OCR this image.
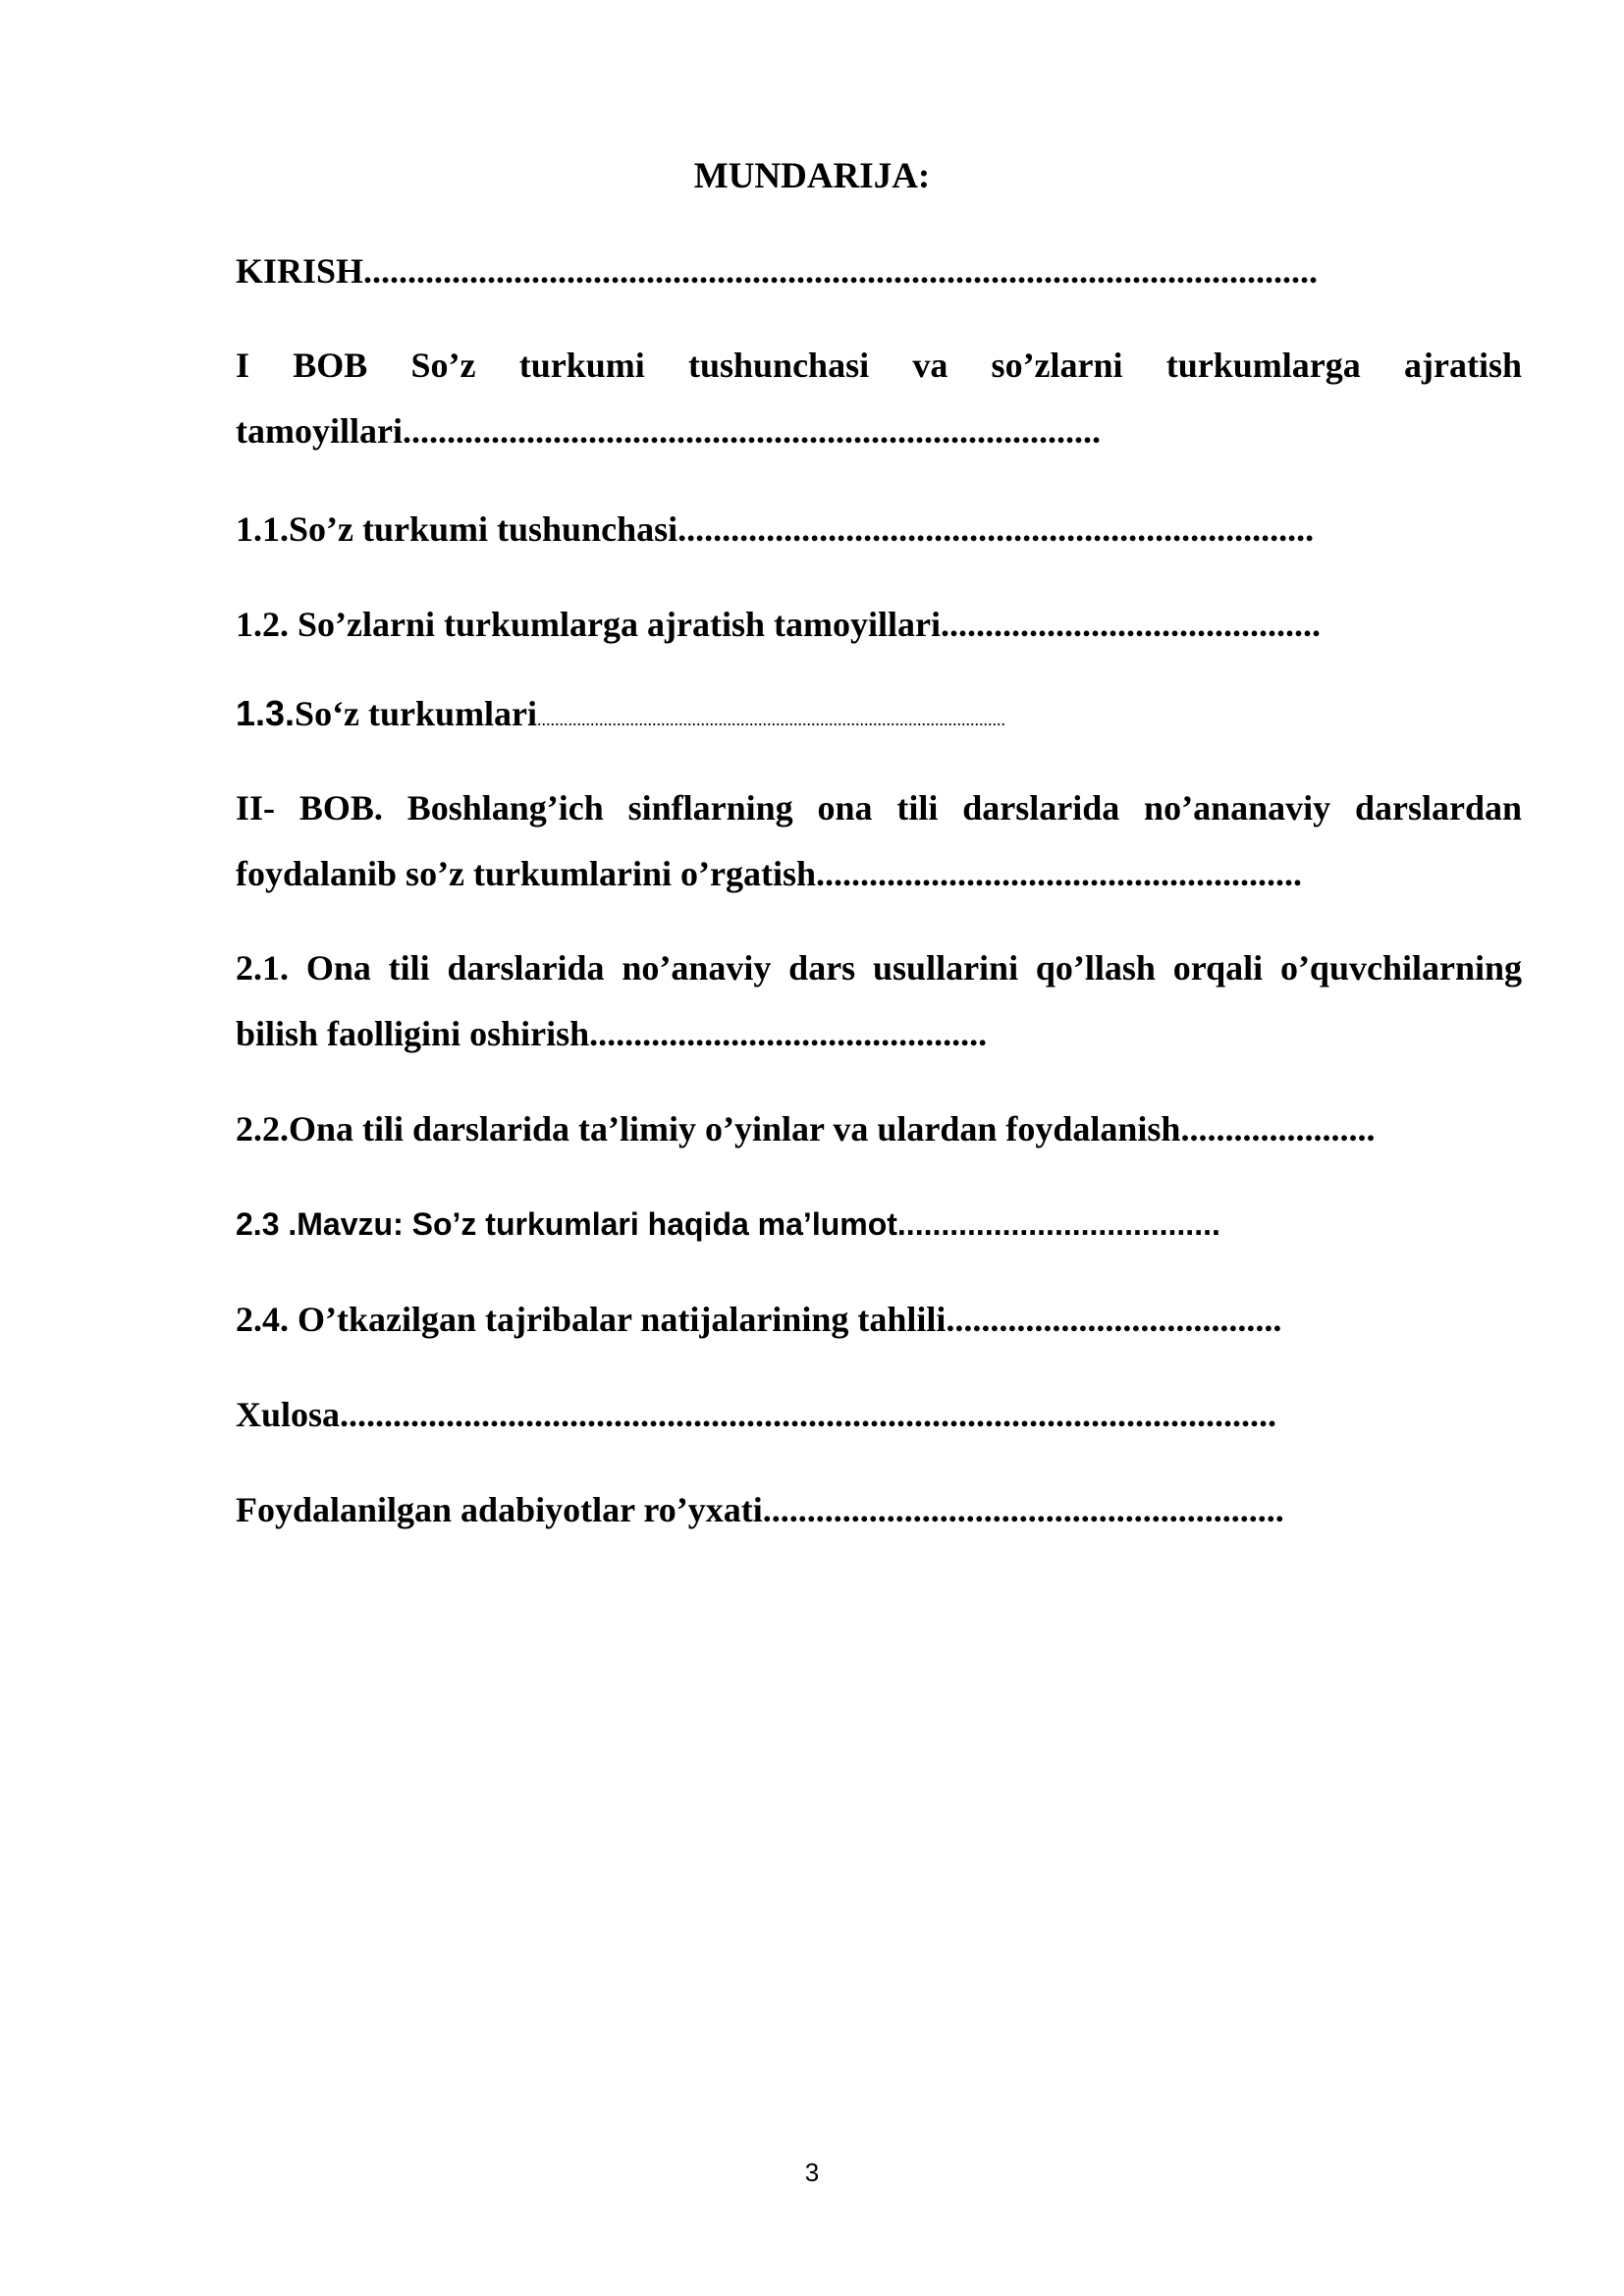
MUNDARIJA:
KIRISH............................................................................................................
I BOB So’z turkumi tushunchasi va so’zlarni turkumlarga ajratish tamoyillari...............................................................................
1.1.So’z turkumi tushunchasi........................................................................
1.2. So’zlarni turkumlarga ajratish tamoyillari...........................................
1.3.So‘z turkumlari..........................................................................................................
II- BOB. Boshlang’ich sinflarning ona tili darslarida no’ananaviy darslardan foydalanib so’z turkumlarini o’rgatish.......................................................
2.1. Ona tili darslarida no’anaviy dars usullarini qo’llash orqali o’quvchilarning bilish faolligini oshirish.............................................
2.2.Ona tili darslarida ta’limiy o’yinlar va ulardan foydalanish......................
2.3 .Mavzu: So’z turkumlari haqida ma’lumot.....................................
2.4. O’tkazilgan tajribalar natijalarining tahlili......................................
Xulosa..........................................................................................................
Foydalanilgan adabiyotlar ro’yxati...........................................................
3
